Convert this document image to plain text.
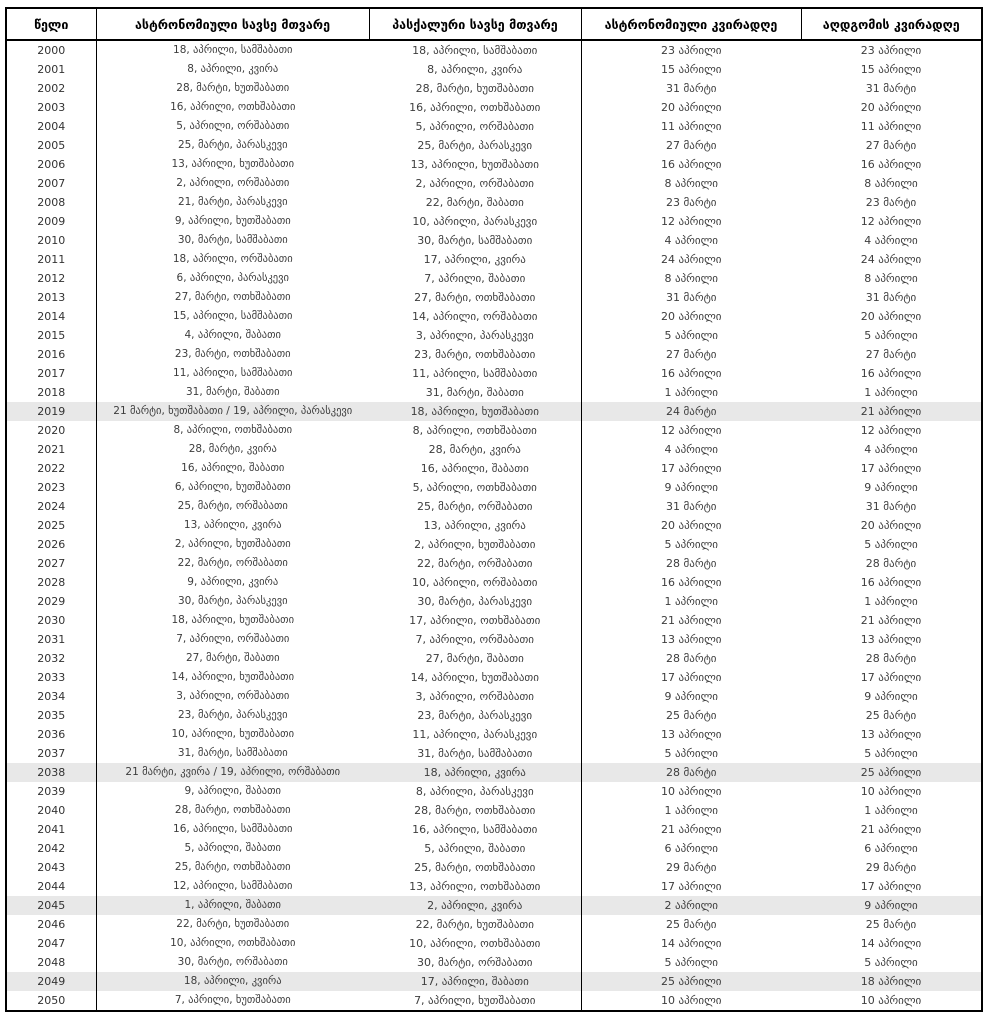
წელი	ასტრონომიული სავსე მთვარე	პასქალური სავსე მთვარე	ასტრონომიული კვირადღე	აღდგომის კვირადღე
2000	18, აპრილი, სამშაბათი	18, აპრილი, სამშაბათი	23 აპრილი	23 აპრილი
2001	8, აპრილი, კვირა	8, აპრილი, კვირა	15 აპრილი	15 აპრილი
2002	28, მარტი, ხუთშაბათი	28, მარტი, ხუთშაბათი	31 მარტი	31 მარტი
2003	16, აპრილი, ოთხშაბათი	16, აპრილი, ოთხშაბათი	20 აპრილი	20 აპრილი
2004	5, აპრილი, ორშაბათი	5, აპრილი, ორშაბათი	11 აპრილი	11 აპრილი
2005	25, მარტი, პარასკევი	25, მარტი, პარასკევი	27 მარტი	27 მარტი
2006	13, აპრილი, ხუთშაბათი	13, აპრილი, ხუთშაბათი	16 აპრილი	16 აპრილი
2007	2, აპრილი, ორშაბათი	2, აპრილი, ორშაბათი	8 აპრილი	8 აპრილი
2008	21, მარტი, პარასკევი	22, მარტი, შაბათი	23 მარტი	23 მარტი
2009	9, აპრილი, ხუთშაბათი	10, აპრილი, პარასკევი	12 აპრილი	12 აპრილი
2010	30, მარტი, სამშაბათი	30, მარტი, სამშაბათი	4 აპრილი	4 აპრილი
2011	18, აპრილი, ორშაბათი	17, აპრილი, კვირა	24 აპრილი	24 აპრილი
2012	6, აპრილი, პარასკევი	7, აპრილი, შაბათი	8 აპრილი	8 აპრილი
2013	27, მარტი, ოთხშაბათი	27, მარტი, ოთხშაბათი	31 მარტი	31 მარტი
2014	15, აპრილი, სამშაბათი	14, აპრილი, ორშაბათი	20 აპრილი	20 აპრილი
2015	4, აპრილი, შაბათი	3, აპრილი, პარასკევი	5 აპრილი	5 აპრილი
2016	23, მარტი, ოთხშაბათი	23, მარტი, ოთხშაბათი	27 მარტი	27 მარტი
2017	11, აპრილი, სამშაბათი	11, აპრილი, სამშაბათი	16 აპრილი	16 აპრილი
2018	31, მარტი, შაბათი	31, მარტი, შაბათი	1 აპრილი	1 აპრილი
2019	21 მარტი, ხუთშაბათი / 19, აპრილი, პარასკევი	18, აპრილი, ხუთშაბათი	24 მარტი	21 აპრილი
2020	8, აპრილი, ოთხშაბათი	8, აპრილი, ოთხშაბათი	12 აპრილი	12 აპრილი
2021	28, მარტი, კვირა	28, მარტი, კვირა	4 აპრილი	4 აპრილი
2022	16, აპრილი, შაბათი	16, აპრილი, შაბათი	17 აპრილი	17 აპრილი
2023	6, აპრილი, ხუთშაბათი	5, აპრილი, ოთხშაბათი	9 აპრილი	9 აპრილი
2024	25, მარტი, ორშაბათი	25, მარტი, ორშაბათი	31 მარტი	31 მარტი
2025	13, აპრილი, კვირა	13, აპრილი, კვირა	20 აპრილი	20 აპრილი
2026	2, აპრილი, ხუთშაბათი	2, აპრილი, ხუთშაბათი	5 აპრილი	5 აპრილი
2027	22, მარტი, ორშაბათი	22, მარტი, ორშაბათი	28 მარტი	28 მარტი
2028	9, აპრილი, კვირა	10, აპრილი, ორშაბათი	16 აპრილი	16 აპრილი
2029	30, მარტი, პარასკევი	30, მარტი, პარასკევი	1 აპრილი	1 აპრილი
2030	18, აპრილი, ხუთშაბათი	17, აპრილი, ოთხშაბათი	21 აპრილი	21 აპრილი
2031	7, აპრილი, ორშაბათი	7, აპრილი, ორშაბათი	13 აპრილი	13 აპრილი
2032	27, მარტი, შაბათი	27, მარტი, შაბათი	28 მარტი	28 მარტი
2033	14, აპრილი, ხუთშაბათი	14, აპრილი, ხუთშაბათი	17 აპრილი	17 აპრილი
2034	3, აპრილი, ორშაბათი	3, აპრილი, ორშაბათი	9 აპრილი	9 აპრილი
2035	23, მარტი, პარასკევი	23, მარტი, პარასკევი	25 მარტი	25 მარტი
2036	10, აპრილი, ხუთშაბათი	11, აპრილი, პარასკევი	13 აპრილი	13 აპრილი
2037	31, მარტი, სამშაბათი	31, მარტი, სამშაბათი	5 აპრილი	5 აპრილი
2038	21 მარტი, კვირა / 19, აპრილი, ორშაბათი	18, აპრილი, კვირა	28 მარტი	25 აპრილი
2039	9, აპრილი, შაბათი	8, აპრილი, პარასკევი	10 აპრილი	10 აპრილი
2040	28, მარტი, ოთხშაბათი	28, მარტი, ოთხშაბათი	1 აპრილი	1 აპრილი
2041	16, აპრილი, სამშაბათი	16, აპრილი, სამშაბათი	21 აპრილი	21 აპრილი
2042	5, აპრილი, შაბათი	5, აპრილი, შაბათი	6 აპრილი	6 აპრილი
2043	25, მარტი, ოთხშაბათი	25, მარტი, ოთხშაბათი	29 მარტი	29 მარტი
2044	12, აპრილი, სამშაბათი	13, აპრილი, ოთხშაბათი	17 აპრილი	17 აპრილი
2045	1, აპრილი, შაბათი	2, აპრილი, კვირა	2 აპრილი	9 აპრილი
2046	22, მარტი, ხუთშაბათი	22, მარტი, ხუთშაბათი	25 მარტი	25 მარტი
2047	10, აპრილი, ოთხშაბათი	10, აპრილი, ოთხშაბათი	14 აპრილი	14 აპრილი
2048	30, მარტი, ორშაბათი	30, მარტი, ორშაბათი	5 აპრილი	5 აპრილი
2049	18, აპრილი, კვირა	17, აპრილი, შაბათი	25 აპრილი	18 აპრილი
2050	7, აპრილი, ხუთშაბათი	7, აპრილი, ხუთშაბათი	10 აპრილი	10 აპრილი
